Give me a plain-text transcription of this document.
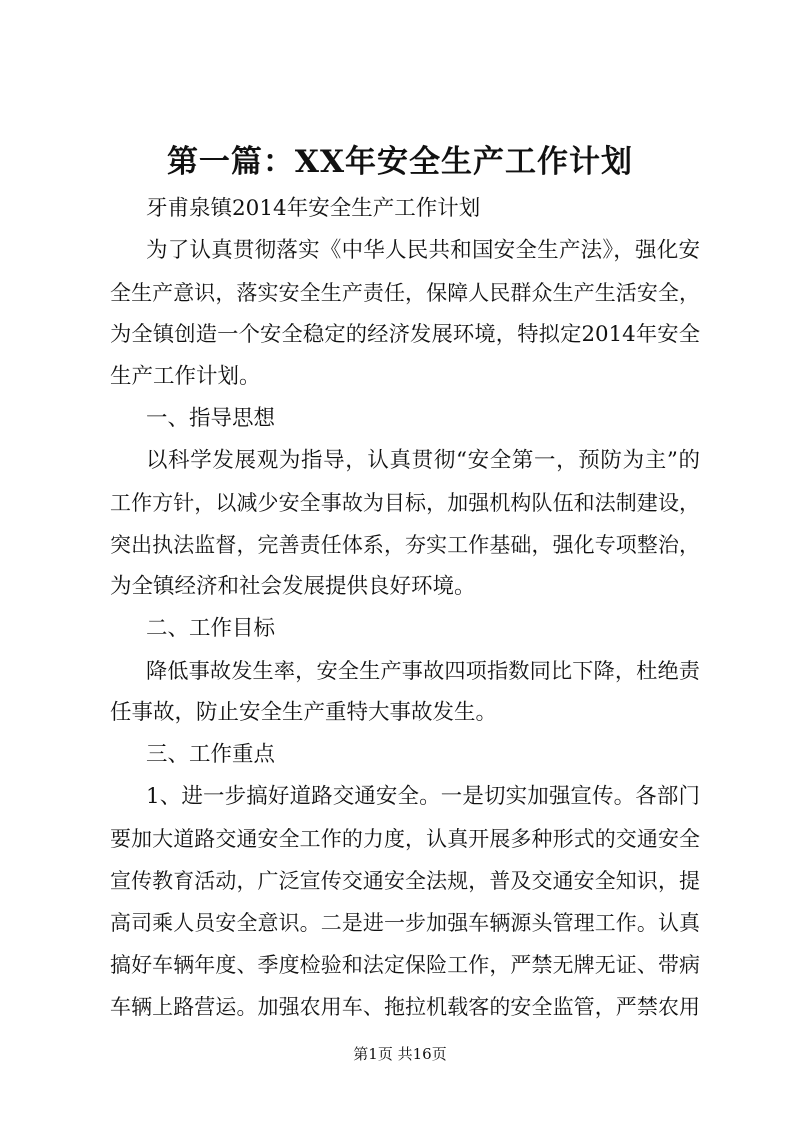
第一篇：XX年安全生产工作计划
牙甫泉镇2014年安全生产工作计划
为了认真贯彻落实《中华人民共和国安全生产法》，强化安
全生产意识，落实安全生产责任，保障人民群众生产生活安全，
为全镇创造一个安全稳定的经济发展环境，特拟定2014年安全
生产工作计划。
一、指导思想
以科学发展观为指导，认真贯彻“安全第一，预防为主”的
工作方针，以减少安全事故为目标，加强机构队伍和法制建设，
突出执法监督，完善责任体系，夯实工作基础，强化专项整治，
为全镇经济和社会发展提供良好环境。
二、工作目标
降低事故发生率，安全生产事故四项指数同比下降，杜绝责
任事故，防止安全生产重特大事故发生。
三、工作重点
1、进一步搞好道路交通安全。一是切实加强宣传。各部门
要加大道路交通安全工作的力度，认真开展多种形式的交通安全
宣传教育活动，广泛宣传交通安全法规，普及交通安全知识，提
高司乘人员安全意识。二是进一步加强车辆源头管理工作。认真
搞好车辆年度、季度检验和法定保险工作，严禁无牌无证、带病
车辆上路营运。加强农用车、拖拉机载客的安全监管，严禁农用
第1页 共16页
